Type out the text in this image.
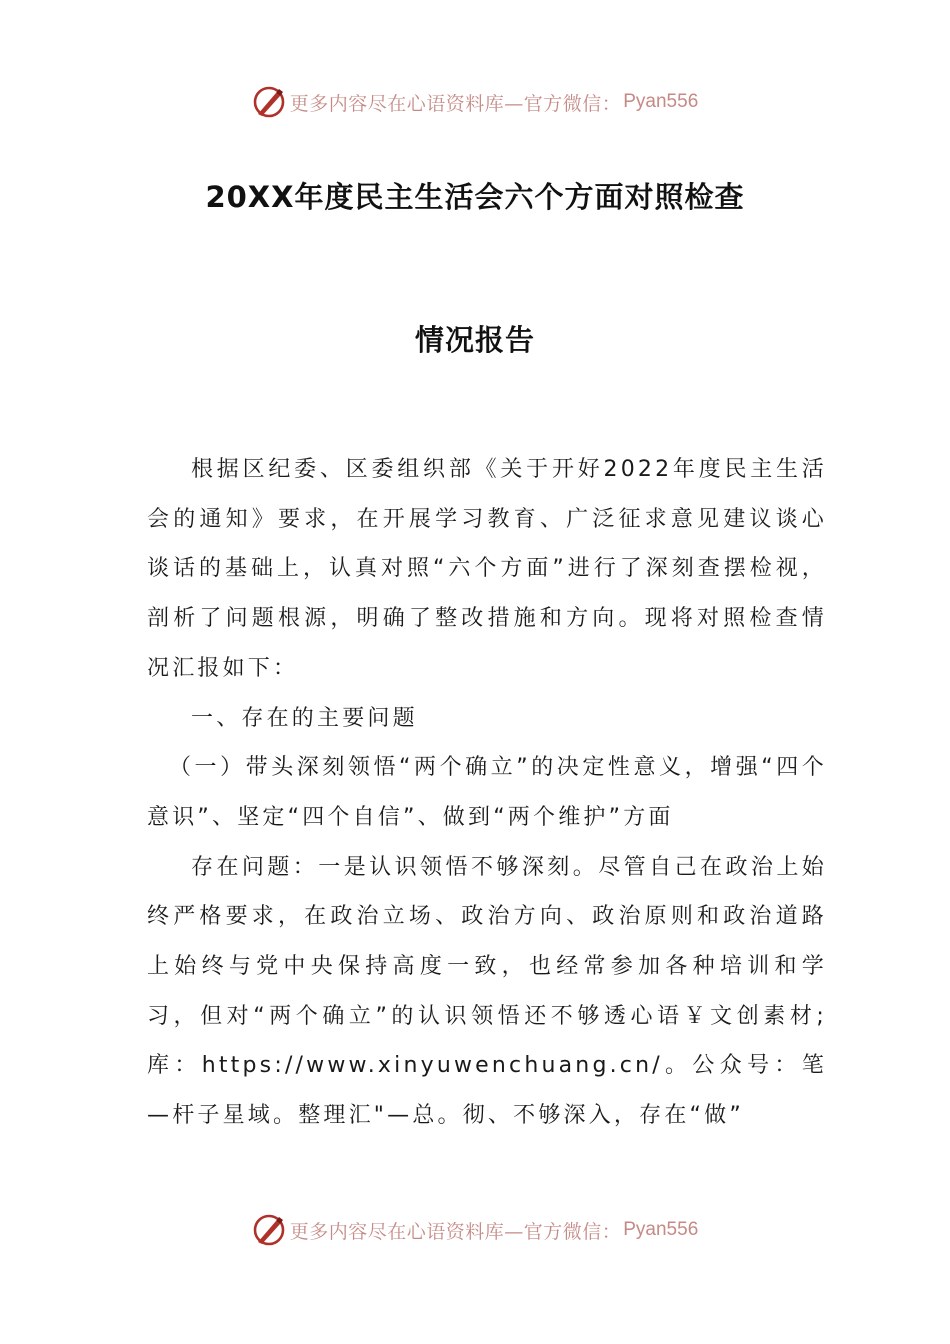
更多内容尽在心语资料库—官方微信： Pyan556
20XX年度民主生活会六个方面对照检查
情况报告

根据区纪委、区委组织部《关于开好2022年度民主生活会的通知》要求，在开展学习教育、广泛征求意见建议谈心谈话的基础上，认真对照“六个方面”进行了深刻查摆检视，剖析了问题根源，明确了整改措施和方向。现将对照检查情况汇报如下：

一、存在的主要问题

（一）带头深刻领悟“两个确立”的决定性意义，增强“四个意识”、坚定“四个自信”、做到“两个维护”方面

存在问题：一是认识领悟不够深刻。尽管自己在政治上始终严格要求，在政治立场、政治方向、政治原则和政治道路上始终与党中央保持高度一致，也经常参加各种培训和学习，但对“两个确立”的认识领悟还不够透心语￥文创素材;库：https://www.xinyuwenchuang.cn/。公众号：笔—杆子星域。整理汇"—总。彻、不够深入，存在“做”

更多内容尽在心语资料库—官方微信： Pyan556
